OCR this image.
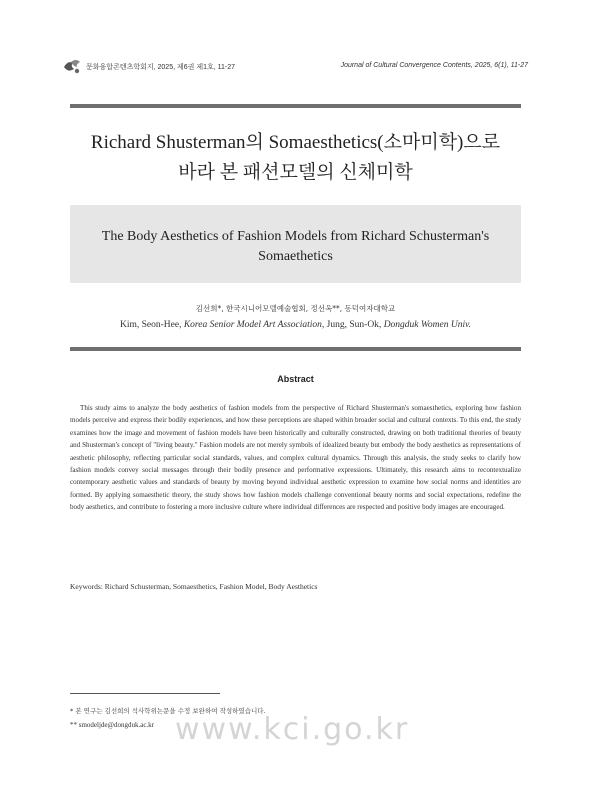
문화융합콘텐츠학회지, 2025, 제6권 제1호, 11-27	Journal of Cultural Convergence Contents, 2025, 6(1), 11-27
Richard Shusterman의 Somaesthetics(소마미학)으로
바라 본 패션모델의 신체미학
The Body Aesthetics of Fashion Models from Richard Schusterman's
Somaethetics
김선희*, 한국시니어모델예술협회, 정선옥**, 동덕여자대학교
Kim, Seon-Hee, Korea Senior Model Art Association, Jung, Sun-Ok, Dongduk Women Univ.
Abstract

This study aims to analyze the body aesthetics of fashion models from the perspective of Richard Shusterman's somaesthetics, exploring how fashion models perceive and express their bodily experiences, and how these perceptions are shaped within broader social and cultural contexts. To this end, the study examines how the image and movement of fashion models have been historically and culturally constructed, drawing on both traditional theories of beauty and Shusterman's concept of "living beauty." Fashion models are not merely symbols of idealized beauty but embody the body aesthetics as representations of aesthetic philosophy, reflecting particular social standards, values, and complex cultural dynamics. Through this analysis, the study seeks to clarify how fashion models convey social messages through their bodily presence and performative expressions. Ultimately, this research aims to recontextualize contemporary aesthetic values and standards of beauty by moving beyond individual aesthetic expression to examine how social norms and identities are formed. By applying somaesthetic theory, the study shows how fashion models challenge conventional beauty norms and social expectations, redefine the body aesthetics, and contribute to fostering a more inclusive culture where individual differences are respected and positive body images are encouraged.

Keywords: Richard Schusterman, Somaesthetics, Fashion Model, Body Aesthetics
* 본 연구는 김선희의 석사학위논문을 수정 보완하여 작성하였습니다.
** smodeljde@dongduk.ac.kr www.kci.go.kr
